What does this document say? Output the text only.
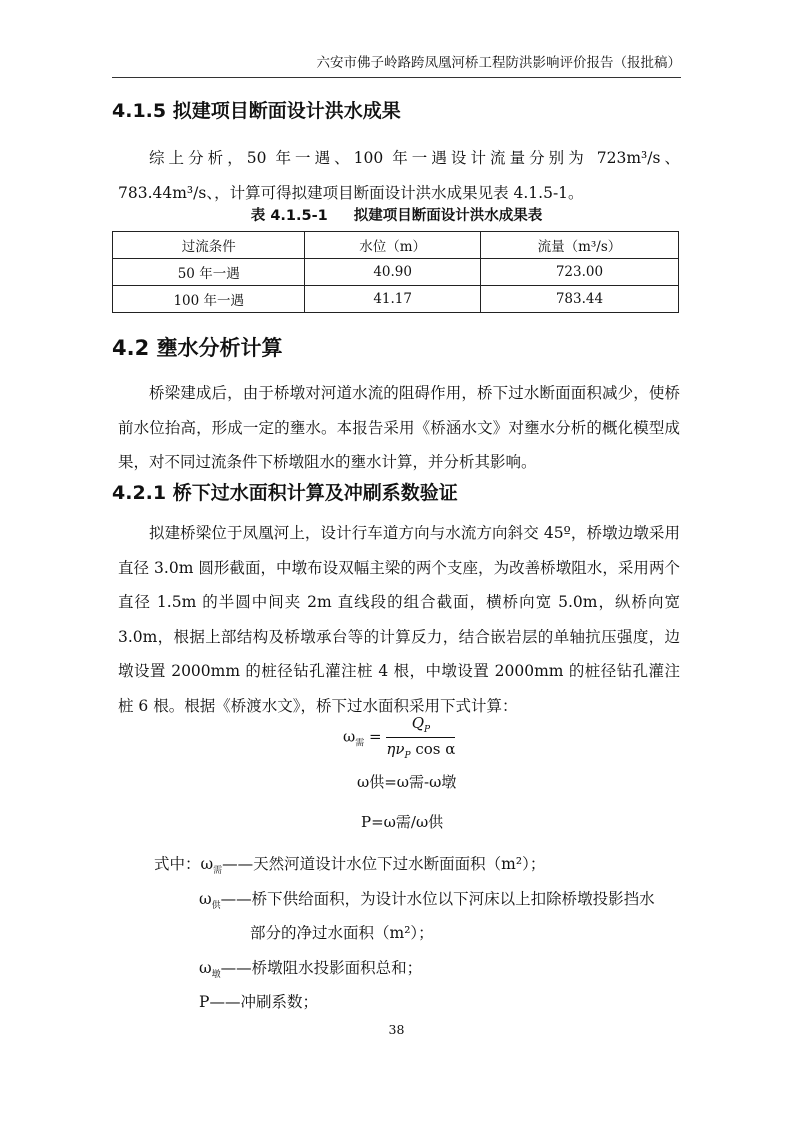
六安市佛子岭路跨凤凰河桥工程防洪影响评价报告（报批稿）
4.1.5 拟建项目断面设计洪水成果
综上分析，50 年一遇、100 年一遇设计流量分别为 723m³/s、783.44m³/s、，计算可得拟建项目断面设计洪水成果见表 4.1.5-1。
表 4.1.5-1 拟建项目断面设计洪水成果表
过流条件	水位（m）	流量（m³/s）
50 年一遇	40.90	723.00
100 年一遇	41.17	783.44
4.2 壅水分析计算
桥梁建成后，由于桥墩对河道水流的阻碍作用，桥下过水断面面积减少，使桥前水位抬高，形成一定的壅水。本报告采用《桥涵水文》对壅水分析的概化模型成果，对不同过流条件下桥墩阻水的壅水计算，并分析其影响。
4.2.1 桥下过水面积计算及冲刷系数验证
拟建桥梁位于凤凰河上，设计行车道方向与水流方向斜交 45º，桥墩边墩采用直径 3.0m 圆形截面，中墩布设双幅主梁的两个支座，为改善桥墩阻水，采用两个直径 1.5m 的半圆中间夹 2m 直线段的组合截面，横桥向宽 5.0m，纵桥向宽 3.0m，根据上部结构及桥墩承台等的计算反力，结合嵌岩层的单轴抗压强度，边墩设置 2000mm 的桩径钻孔灌注桩 4 根，中墩设置 2000mm 的桩径钻孔灌注桩 6 根。根据《桥渡水文》，桥下过水面积采用下式计算：
$\omega_需 = \frac{Q_P}{\eta\nu_P \cos \alpha}$
ω供=ω需-ω墩
P=ω需/ω供
式中：$\omega_需——$天然河道设计水位下过水断面面积（m²）；
$\omega_供——$桥下供给面积，为设计水位以下河床以上扣除桥墩投影挡水
部分的净过水面积（m²）；
$\omega_墩——$桥墩阻水投影面积总和；
P——冲刷系数；
38
